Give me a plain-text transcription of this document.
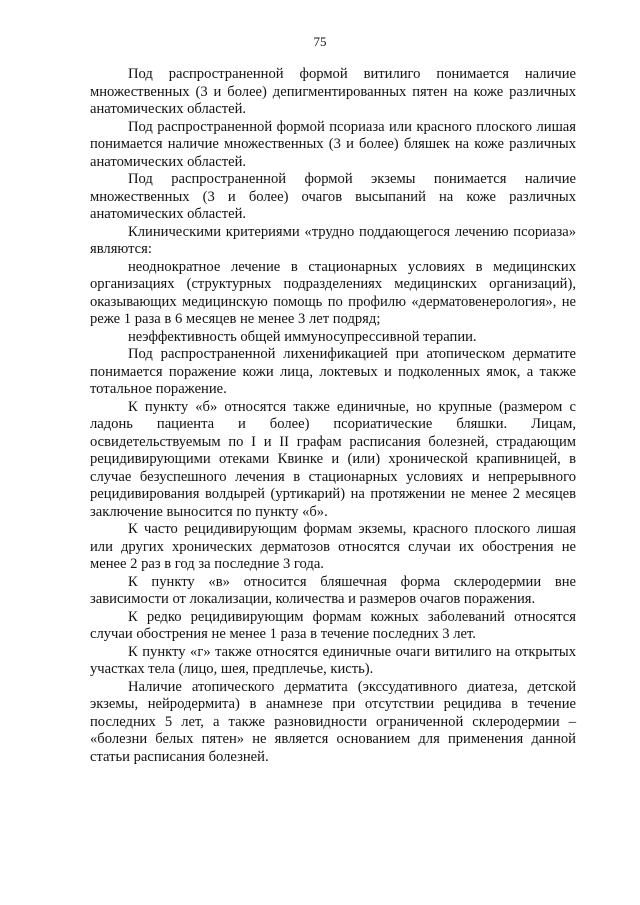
75

Под распространенной формой витилиго понимается наличие множественных (3 и более) депигментированных пятен на коже различных анатомических областей.

Под распространенной формой псориаза или красного плоского лишая понимается наличие множественных (3 и более) бляшек на коже различных анатомических областей.

Под распространенной формой экземы понимается наличие множественных (3 и более) очагов высыпаний на коже различных анатомических областей.

Клиническими критериями «трудно поддающегося лечению псориаза» являются:

неоднократное лечение в стационарных условиях в медицинских организациях (структурных подразделениях медицинских организаций), оказывающих медицинскую помощь по профилю «дерматовенерология», не реже 1 раза в 6 месяцев не менее 3 лет подряд;

неэффективность общей иммуносупрессивной терапии.

Под распространенной лихенификацией при атопическом дерматите понимается поражение кожи лица, локтевых и подколенных ямок, а также тотальное поражение.

К пункту «б» относятся также единичные, но крупные (размером с ладонь пациента и более) псориатические бляшки. Лицам, освидетельствуемым по I и II графам расписания болезней, страдающим рецидивирующими отеками Квинке и (или) хронической крапивницей, в случае безуспешного лечения в стационарных условиях и непрерывного рецидивирования волдырей (уртикарий) на протяжении не менее 2 месяцев заключение выносится по пункту «б».

К часто рецидивирующим формам экземы, красного плоского лишая или других хронических дерматозов относятся случаи их обострения не менее 2 раз в год за последние 3 года.

К пункту «в» относится бляшечная форма склеродермии вне зависимости от локализации, количества и размеров очагов поражения.

К редко рецидивирующим формам кожных заболеваний относятся случаи обострения не менее 1 раза в течение последних 3 лет.

К пункту «г» также относятся единичные очаги витилиго на открытых участках тела (лицо, шея, предплечье, кисть).

Наличие атопического дерматита (экссудативного диатеза, детской экземы, нейродермита) в анамнезе при отсутствии рецидива в течение последних 5 лет, а также разновидности ограниченной склеродермии – «болезни белых пятен» не является основанием для применения данной статьи расписания болезней.
